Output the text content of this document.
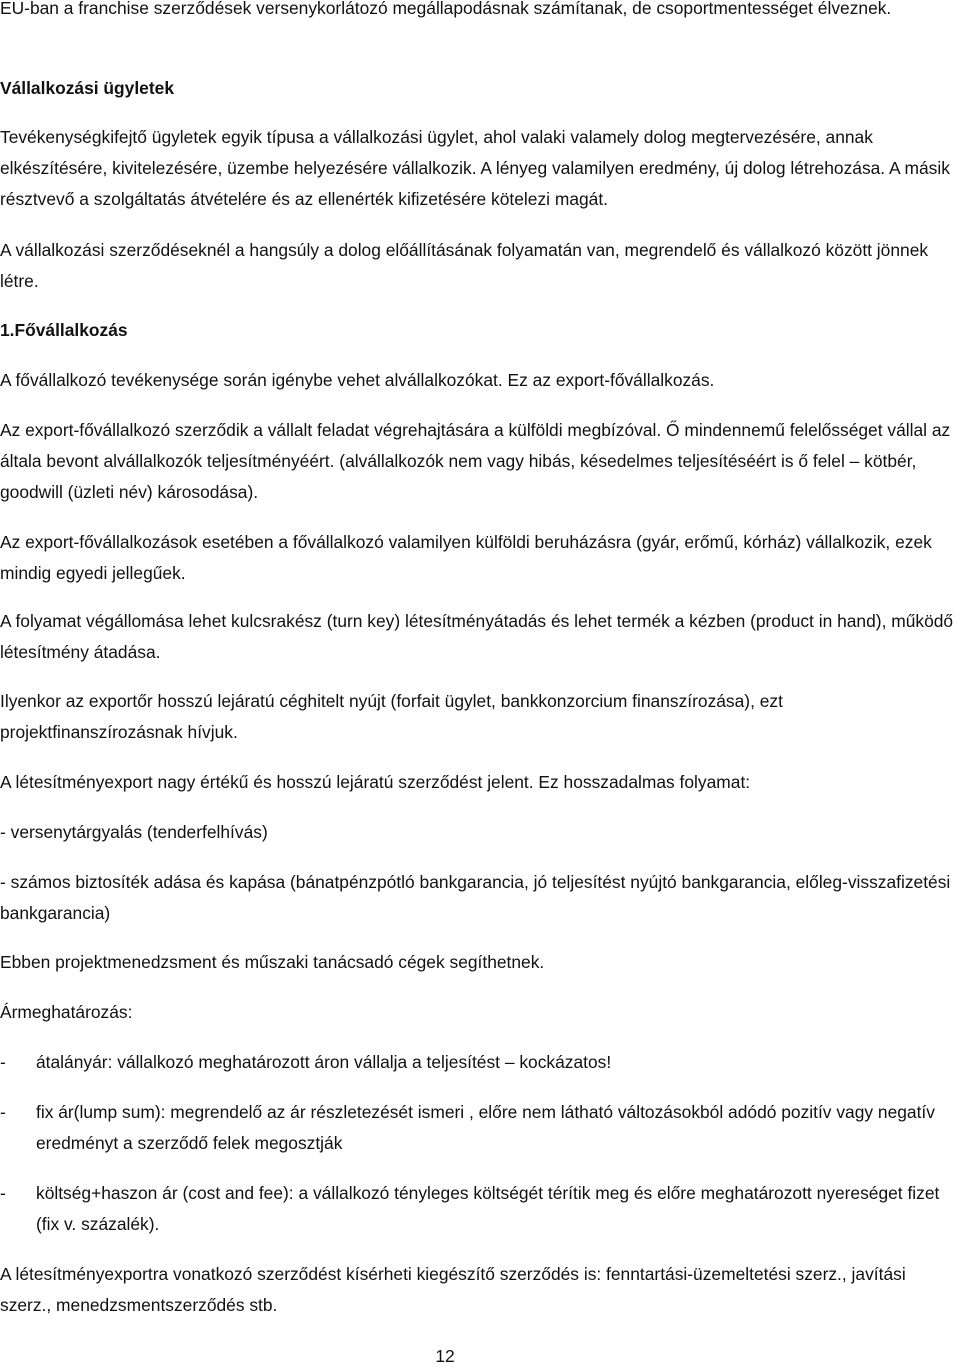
EU-ban a franchise szerződések versenykorlátozó megállapodásnak számítanak, de csoportmentességet élveznek.

Vállalkozási ügyletek

Tevékenységkifejtő ügyletek egyik típusa a vállalkozási ügylet, ahol valaki valamely dolog megtervezésére, annak elkészítésére, kivitelezésére, üzembe helyezésére vállalkozik. A lényeg valamilyen eredmény, új dolog létrehozása. A másik résztvevő a szolgáltatás átvételére és az ellenérték kifizetésére kötelezi magát.

A vállalkozási szerződéseknél a hangsúly a dolog előállításának folyamatán van, megrendelő és vállalkozó között jönnek létre.

1.Fővállalkozás

A fővállalkozó tevékenysége során igénybe vehet alvállalkozókat. Ez az export-fővállalkozás.

Az export-fővállalkozó szerződik a vállalt feladat végrehajtására a külföldi megbízóval. Ő mindennemű felelősséget vállal az általa bevont alvállalkozók teljesítményéért. (alvállalkozók nem vagy hibás, késedelmes teljesítéséért is ő felel – kötbér, goodwill (üzleti név) károsodása).

Az export-fővállalkozások esetében a fővállalkozó valamilyen külföldi beruházásra (gyár, erőmű, kórház) vállalkozik, ezek mindig egyedi jellegűek.

A folyamat végállomása lehet kulcsrakész (turn key) létesítményátadás és lehet termék a kézben (product in hand), működő létesítmény átadása.

Ilyenkor az exportőr hosszú lejáratú céghitelt nyújt (forfait ügylet, bankkonzorcium finanszírozása), ezt projektfinanszírozásnak hívjuk.

A létesítményexport nagy értékű és hosszú lejáratú szerződést jelent. Ez hosszadalmas folyamat:

- versenytárgyalás (tenderfelhívás)

- számos biztosíték adása és kapása (bánatpénzpótló bankgarancia, jó teljesítést nyújtó bankgarancia, előleg-visszafizetési bankgarancia)

Ebben projektmenedzsment és műszaki tanácsadó cégek segíthetnek.

Ármeghatározás:

- átalányár: vállalkozó meghatározott áron vállalja a teljesítést – kockázatos!
- fix ár(lump sum): megrendelő az ár részletezését ismeri , előre nem látható változásokból adódó pozitív vagy negatív eredményt a szerződő felek megosztják
- költség+haszon ár (cost and fee): a vállalkozó tényleges költségét térítik meg és előre meghatározott nyereséget fizet (fix v. százalék).

A létesítményexportra vonatkozó szerződést kísérheti kiegészítő szerződés is: fenntartási-üzemeltetési szerz., javítási szerz., menedzsmentszerződés stb.

12
